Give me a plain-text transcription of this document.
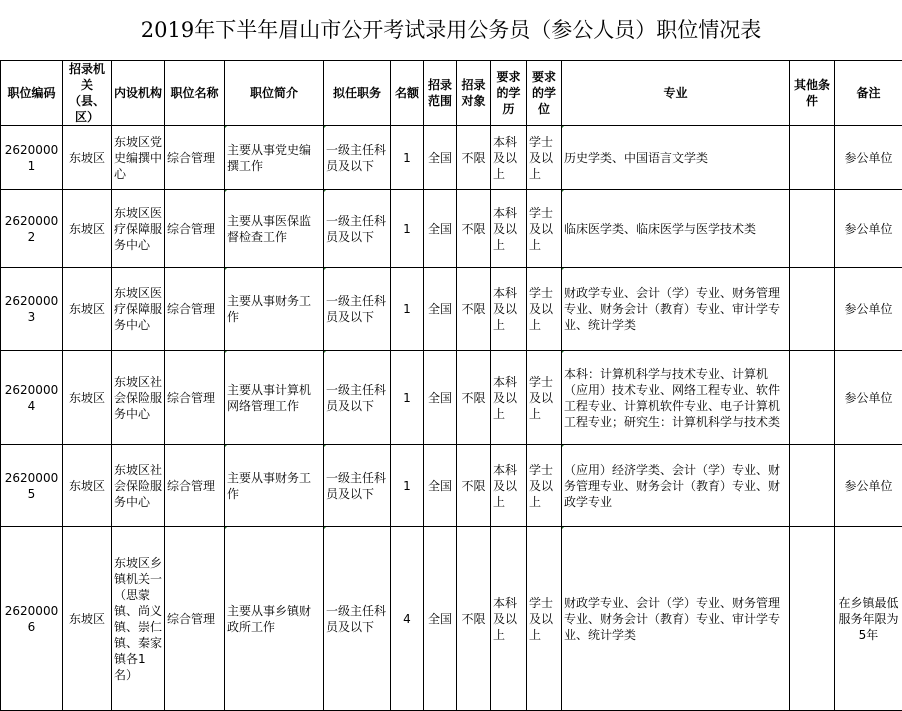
2019年下半年眉山市公开考试录用公务员（参公人员）职位情况表
职位编码	招录机关（县、区）	内设机构	职位名称	职位简介	拟任职务	名额	招录范围	招录对象	要求的学历	要求的学位	专业	其他条件	备注
26200001	东坡区	东坡区党史编撰中心	综合管理	主要从事党史编撰工作	一级主任科员及以下	1	全国	不限	本科及以上	学士及以上	历史学类、中国语言文学类		参公单位
26200002	东坡区	东坡区医疗保障服务中心	综合管理	主要从事医保监督检查工作	一级主任科员及以下	1	全国	不限	本科及以上	学士及以上	临床医学类、临床医学与医学技术类		参公单位
26200003	东坡区	东坡区医疗保障服务中心	综合管理	主要从事财务工作	一级主任科员及以下	1	全国	不限	本科及以上	学士及以上	财政学专业、会计（学）专业、财务管理专业、财务会计（教育）专业、审计学专业、统计学类		参公单位
26200004	东坡区	东坡区社会保险服务中心	综合管理	主要从事计算机网络管理工作	一级主任科员及以下	1	全国	不限	本科及以上	学士及以上	本科：计算机科学与技术专业、计算机（应用）技术专业、网络工程专业、软件工程专业、计算机软件专业、电子计算机工程专业；研究生：计算机科学与技术类		参公单位
26200005	东坡区	东坡区社会保险服务中心	综合管理	主要从事财务工作	一级主任科员及以下	1	全国	不限	本科及以上	学士及以上	（应用）经济学类、会计（学）专业、财务管理专业、财务会计（教育）专业、财政学专业		参公单位
26200006	东坡区	东坡区乡镇机关一（思蒙镇、尚义镇、崇仁镇、秦家镇各1名）	综合管理	主要从事乡镇财政所工作	一级主任科员及以下	4	全国	不限	本科及以上	学士及以上	财政学专业、会计（学）专业、财务管理专业、财务会计（教育）专业、审计学专业、统计学类		在乡镇最低服务年限为5年
